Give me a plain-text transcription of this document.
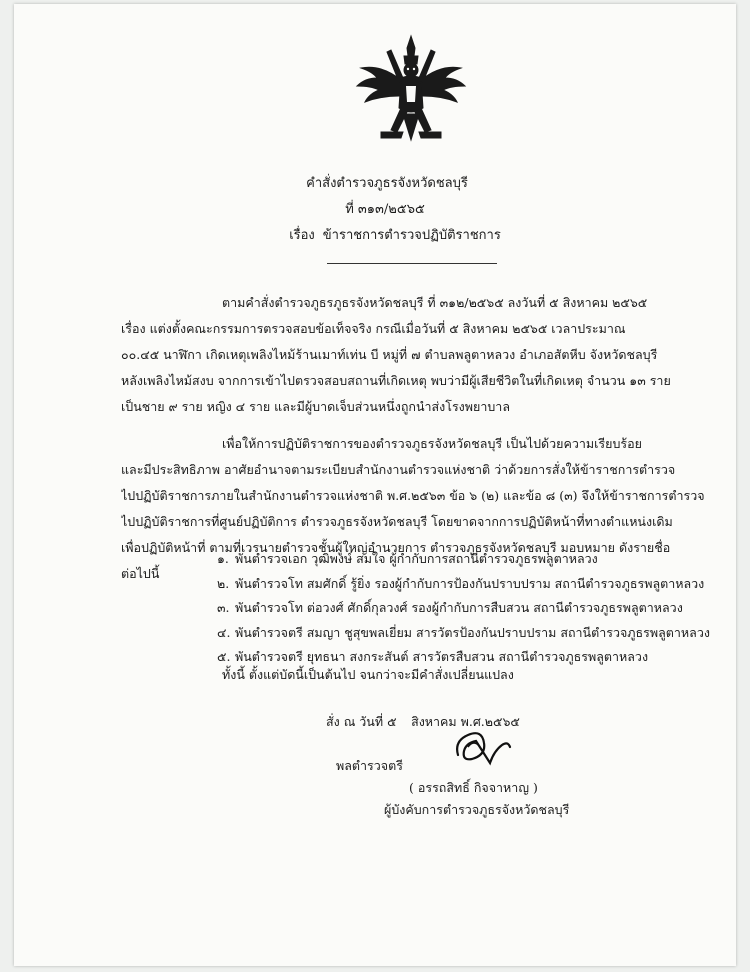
คำสั่งตำรวจภูธรจังหวัดชลบุรี
ที่ ๓๑๓/๒๕๖๕
เรื่อง ข้าราชการตำรวจปฏิบัติราชการ
ตามคำสั่งตำรวจภูธรภูธรจังหวัดชลบุรี ที่ ๓๑๒/๒๕๖๕ ลงวันที่ ๕ สิงหาคม ๒๕๖๕
เรื่อง แต่งตั้งคณะกรรมการตรวจสอบข้อเท็จจริง กรณีเมื่อวันที่ ๕ สิงหาคม ๒๕๖๕ เวลาประมาณ
๐๐.๔๕ นาฬิกา เกิดเหตุเพลิงไหม้ร้านเมาท์เท่น บี หมู่ที่ ๗ ตำบลพลูตาหลวง อำเภอสัตหีบ จังหวัดชลบุรี
หลังเพลิงไหม้สงบ จากการเข้าไปตรวจสอบสถานที่เกิดเหตุ พบว่ามีผู้เสียชีวิตในที่เกิดเหตุ จำนวน ๑๓ ราย
เป็นชาย ๙ ราย หญิง ๔ ราย และมีผู้บาดเจ็บส่วนหนึ่งถูกนำส่งโรงพยาบาล
เพื่อให้การปฏิบัติราชการของตำรวจภูธรจังหวัดชลบุรี เป็นไปด้วยความเรียบร้อย
และมีประสิทธิภาพ อาศัยอำนาจตามระเบียบสำนักงานตำรวจแห่งชาติ ว่าด้วยการสั่งให้ข้าราชการตำรวจ
ไปปฏิบัติราชการภายในสำนักงานตำรวจแห่งชาติ พ.ศ.๒๕๖๓ ข้อ ๖ (๒) และข้อ ๘ (๓) จึงให้ข้าราชการตำรวจ
ไปปฏิบัติราชการที่ศูนย์ปฏิบัติการ ตำรวจภูธรจังหวัดชลบุรี โดยขาดจากการปฏิบัติหน้าที่ทางตำแหน่งเดิม
เพื่อปฏิบัติหน้าที่ ตามที่เวรนายตำรวจชั้นผู้ใหญ่อำนวยการ ตำรวจภูธรจังหวัดชลบุรี มอบหมาย ดังรายชื่อ
ต่อไปนี้
๑. พันตำรวจเอก วุฒิพงษ์ สมใจ ผู้กำกับการสถานีตำรวจภูธรพลูตาหลวง
๒. พันตำรวจโท สมศักดิ์ รู้ยิ่ง รองผู้กำกับการป้องกันปราบปราม สถานีตำรวจภูธรพลูตาหลวง
๓. พันตำรวจโท ต่อวงศ์ ศักดิ์กุลวงศ์ รองผู้กำกับการสืบสวน สถานีตำรวจภูธรพลูตาหลวง
๔. พันตำรวจตรี สมญา ชูสุขพลเยี่ยม สารวัตรป้องกันปราบปราม สถานีตำรวจภูธรพลูตาหลวง
๕. พันตำรวจตรี ยุทธนา สงกระสันต์ สารวัตรสืบสวน สถานีตำรวจภูธรพลูตาหลวง
ทั้งนี้ ตั้งแต่บัดนี้เป็นต้นไป จนกว่าจะมีคำสั่งเปลี่ยนแปลง
สั่ง ณ วันที่ ๕ สิงหาคม พ.ศ.๒๕๖๕
พลตำรวจตรี
( อรรถสิทธิ์ กิจจาหาญ )
ผู้บังคับการตำรวจภูธรจังหวัดชลบุรี
